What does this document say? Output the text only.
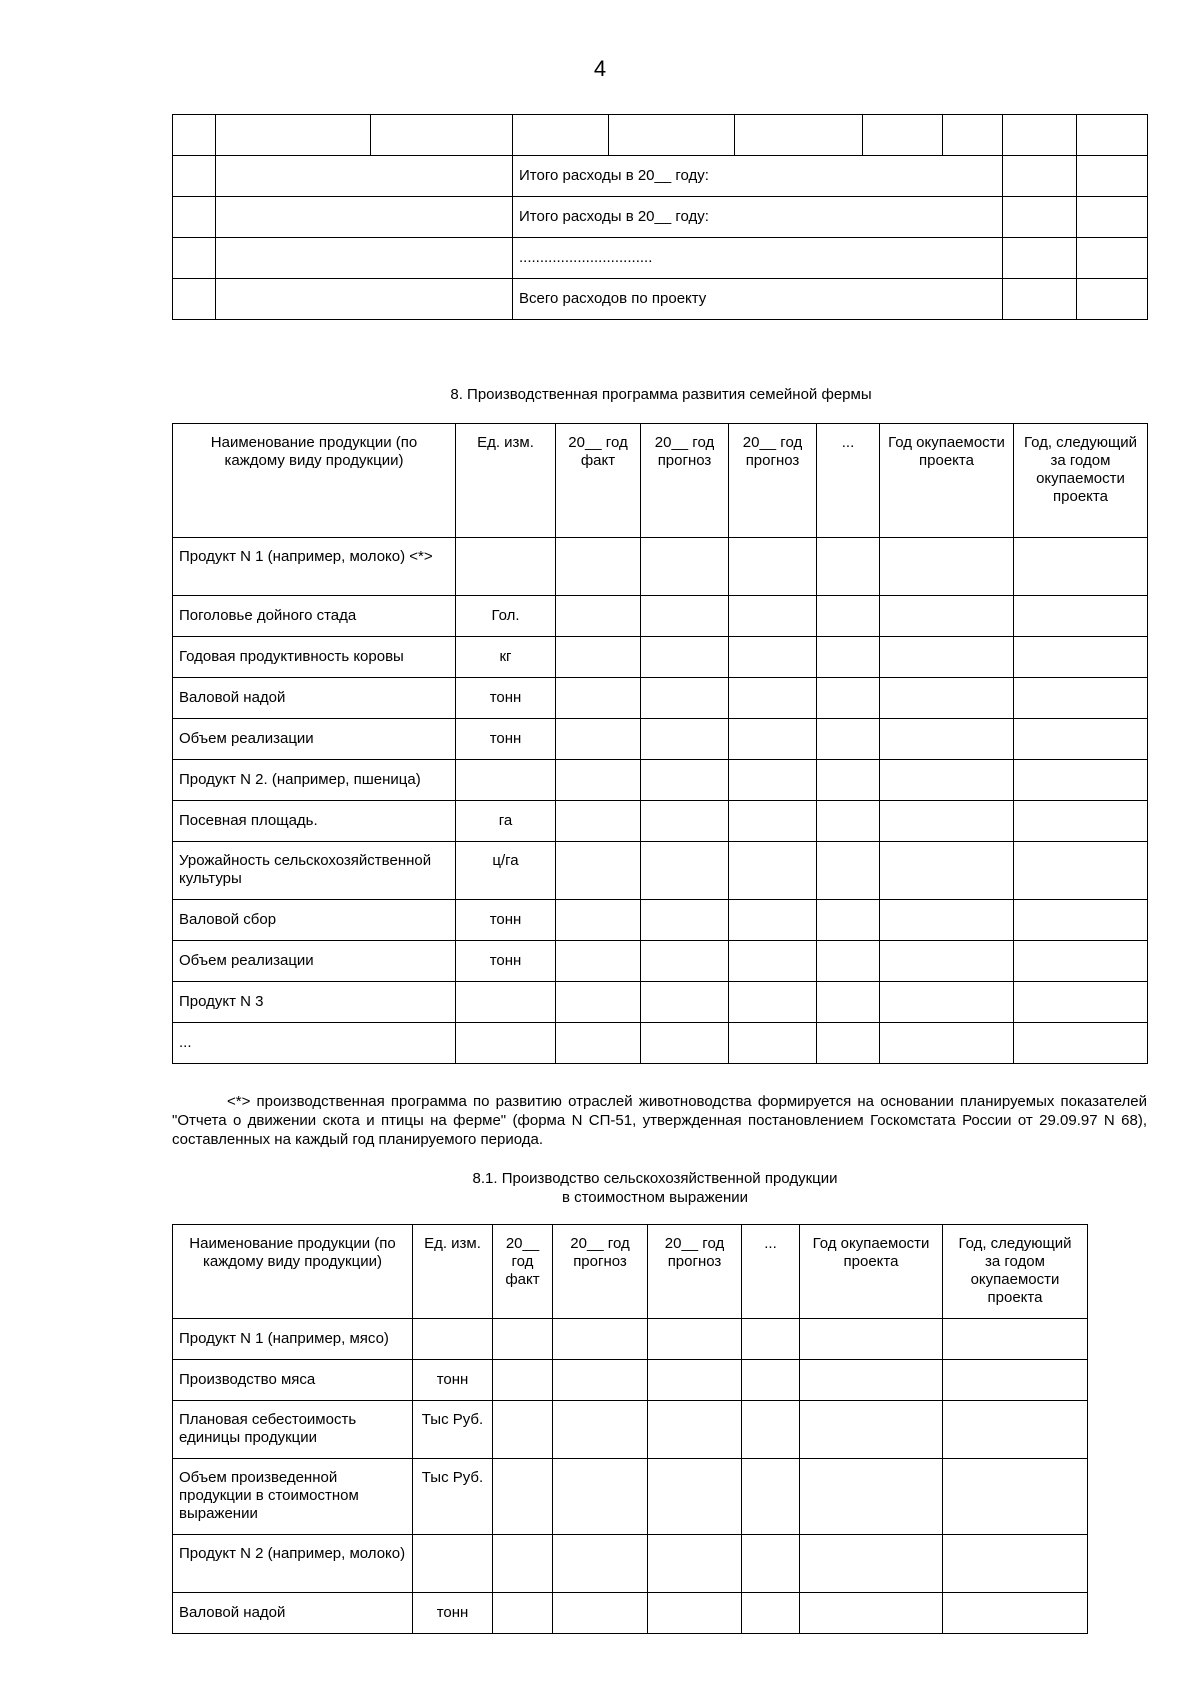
4

			Итого расходы в 20__ году:						
			Итого расходы в 20__ году:						
			................................						
			Всего расходов по проекту						
8. Производственная программа развития семейной фермы
Наименование продукции (по каждому виду продукции)	Ед. изм.	20__ год факт	20__ год прогноз	20__ год прогноз	...	Год окупаемости проекта	Год, следующий за годом окупаемости проекта
Продукт N 1 (например, молоко) <*>							
Поголовье дойного стада	Гол.						
Годовая продуктивность коровы	кг						
Валовой надой	тонн						
Объем реализации	тонн						
Продукт N 2. (например, пшеница)							
Посевная площадь.	га						
Урожайность сельскохозяйственной культуры	ц/га						
Валовой сбор	тонн						
Объем реализации	тонн						
Продукт N 3							
...							
<*> производственная программа по развитию отраслей животноводства формируется на основании планируемых показателей "Отчета о движении скота и птицы на ферме" (форма N СП-51, утвержденная постановлением Госкомстата России от 29.09.97 N 68), составленных на каждый год планируемого периода.
8.1. Производство сельскохозяйственной продукции
в стоимостном выражении
Наименование продукции (по каждому виду продукции)	Ед. изм.	20__ год факт	20__ год прогноз	20__ год прогноз	...	Год окупаемости проекта	Год, следующий за годом окупаемости проекта
Продукт N 1 (например, мясо)							
Производство мяса	тонн						
Плановая себестоимость единицы продукции	Тыс Руб.						
Объем произведенной продукции в стоимостном выражении	Тыс Руб.						
Продукт N 2 (например, молоко)							
Валовой надой	тонн						
